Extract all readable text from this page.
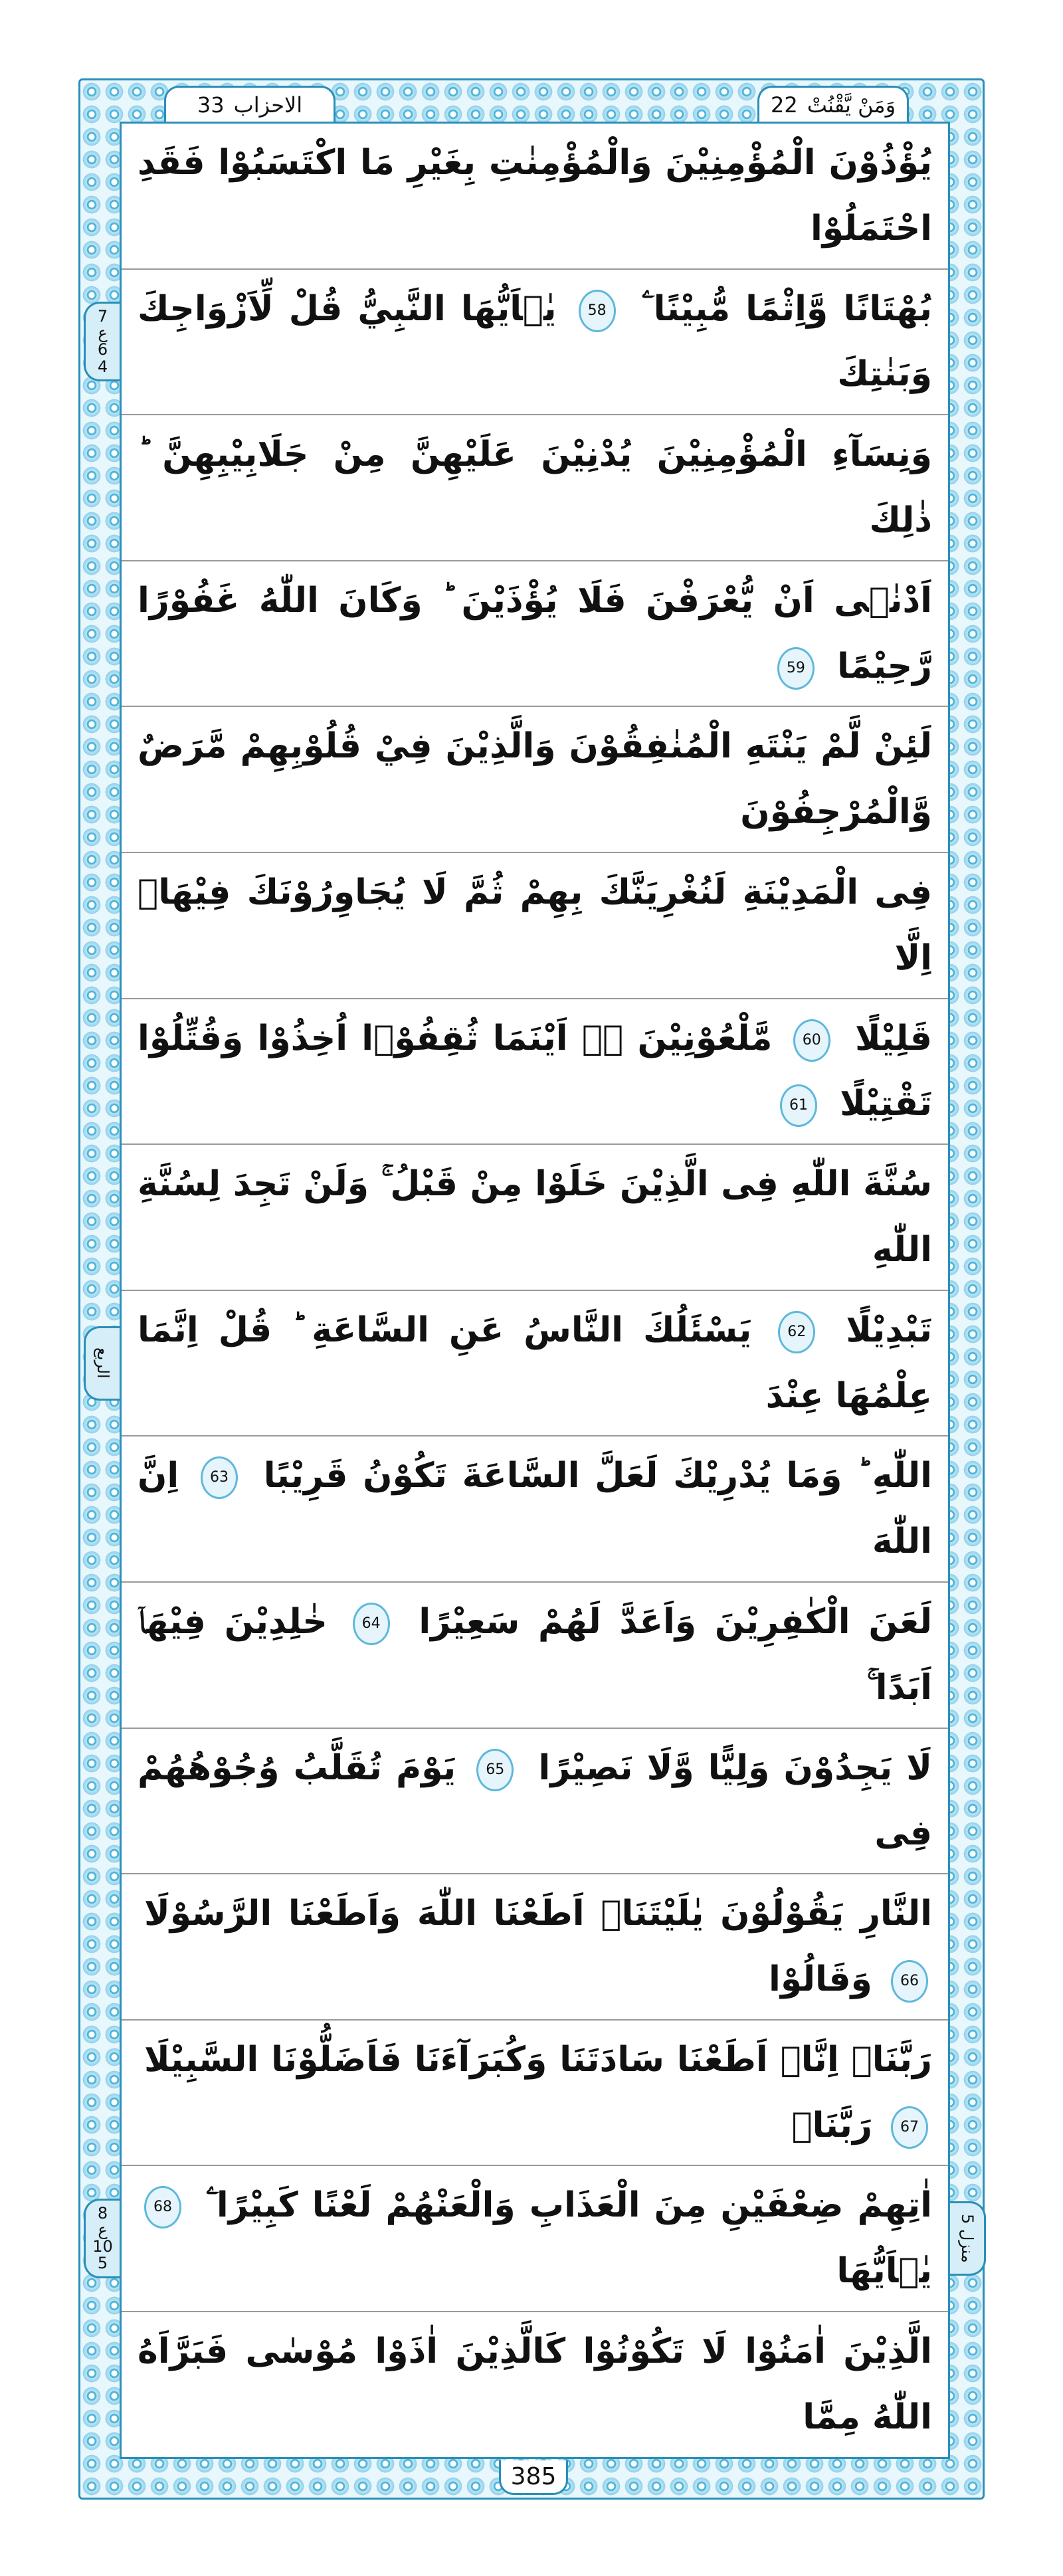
الاحزاب
33	وَمَنْ يَّقْنُتْ
22
يُؤْذُوْنَ الْمُؤْمِنِيْنَ وَالْمُؤْمِنٰتِ بِغَيْرِ مَا اكْتَسَبُوْا فَقَدِ احْتَمَلُوْا
بُهْتَانًا وَّاِثْمًا مُّبِيْنًا ۧ 58 يٰۤاَيُّهَا النَّبِيُّ قُلْ لِّاَزْوَاجِكَ وَبَنٰتِكَ
7
ع
6
4
وَنِسَآءِ الْمُؤْمِنِيْنَ يُدْنِيْنَ عَلَيْهِنَّ مِنْ جَلَابِيْبِهِنَّ ؕ ذٰلِكَ
اَدْنٰۤى اَنْ يُّعْرَفْنَ فَلَا يُؤْذَيْنَ ؕ وَكَانَ اللّٰهُ غَفُوْرًا رَّحِيْمًا 59
لَئِنْ لَّمْ يَنْتَهِ الْمُنٰفِقُوْنَ وَالَّذِيْنَ فِيْ قُلُوْبِهِمْ مَّرَضٌ وَّالْمُرْجِفُوْنَ
فِى الْمَدِيْنَةِ لَنُغْرِيَنَّكَ بِهِمْ ثُمَّ لَا يُجَاوِرُوْنَكَ فِيْهَاۤ اِلَّا
قَلِيْلًا 60 مَّلْعُوْنِيْنَ ۛۚ اَيْنَمَا ثُقِفُوْۤا اُخِذُوْا وَقُتِّلُوْا تَقْتِيْلًا 61
سُنَّةَ اللّٰهِ فِى الَّذِيْنَ خَلَوْا مِنْ قَبْلُ ۚ وَلَنْ تَجِدَ لِسُنَّةِ اللّٰهِ
تَبْدِيْلًا 62 يَسْئَلُكَ النَّاسُ عَنِ السَّاعَةِ ؕ قُلْ اِنَّمَا عِلْمُهَا عِنْدَ
الربع
اللّٰهِ ؕ وَمَا يُدْرِيْكَ لَعَلَّ السَّاعَةَ تَكُوْنُ قَرِيْبًا 63 اِنَّ اللّٰهَ
لَعَنَ الْكٰفِرِيْنَ وَاَعَدَّ لَهُمْ سَعِيْرًا 64 خٰلِدِيْنَ فِيْهَاۤ اَبَدًا ۚ
لَا يَجِدُوْنَ وَلِيًّا وَّلَا نَصِيْرًا 65 يَوْمَ تُقَلَّبُ وُجُوْهُهُمْ فِى
النَّارِ يَقُوْلُوْنَ يٰلَيْتَنَاۤ اَطَعْنَا اللّٰهَ وَاَطَعْنَا الرَّسُوْلَا 66 وَقَالُوْا
رَبَّنَاۤ اِنَّاۤ اَطَعْنَا سَادَتَنَا وَكُبَرَآءَنَا فَاَضَلُّوْنَا السَّبِيْلَا 67 رَبَّنَاۤ
اٰتِهِمْ ضِعْفَيْنِ مِنَ الْعَذَابِ وَالْعَنْهُمْ لَعْنًا كَبِيْرًا ۧ 68 يٰۤاَيُّهَا
8
ع
10
5
منزل 5
الَّذِيْنَ اٰمَنُوْا لَا تَكُوْنُوْا كَالَّذِيْنَ اٰذَوْا مُوْسٰى فَبَرَّاَهُ اللّٰهُ مِمَّا
385
